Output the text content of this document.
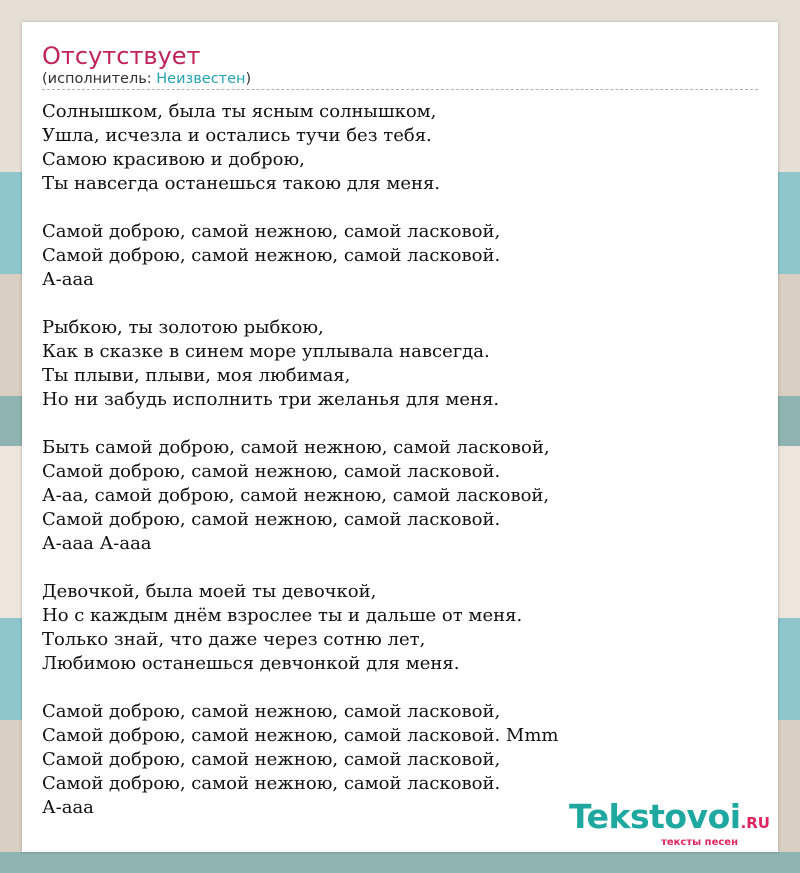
Отсутствует
(исполнитель: Неизвестен)
Солнышком, была ты ясным солнышком,
Ушла, исчезла и остались тучи без тебя.
Самою красивою и доброю,
Ты навсегда останешься такою для меня.
Самой доброю, самой нежною, самой ласковой,
Самой доброю, самой нежною, самой ласковой.
А-ааа
Рыбкою, ты золотою рыбкою,
Как в сказке в синем море уплывала навсегда.
Ты плыви, плыви, моя любимая,
Но ни забудь исполнить три желанья для меня.
Быть самой доброю, самой нежною, самой ласковой,
Самой доброю, самой нежною, самой ласковой.
А-аа, самой доброю, самой нежною, самой ласковой,
Самой доброю, самой нежною, самой ласковой.
А-ааа А-ааа
Девочкой, была моей ты девочкой,
Но с каждым днём взрослее ты и дальше от меня.
Только знай, что даже через сотню лет,
Любимою останешься девчонкой для меня.
Самой доброю, самой нежною, самой ласковой,
Самой доброю, самой нежною, самой ласковой. Mmm
Самой доброю, самой нежною, самой ласковой,
Самой доброю, самой нежною, самой ласковой.
А-ааа	Tekstovoi.RU
тексты песен
